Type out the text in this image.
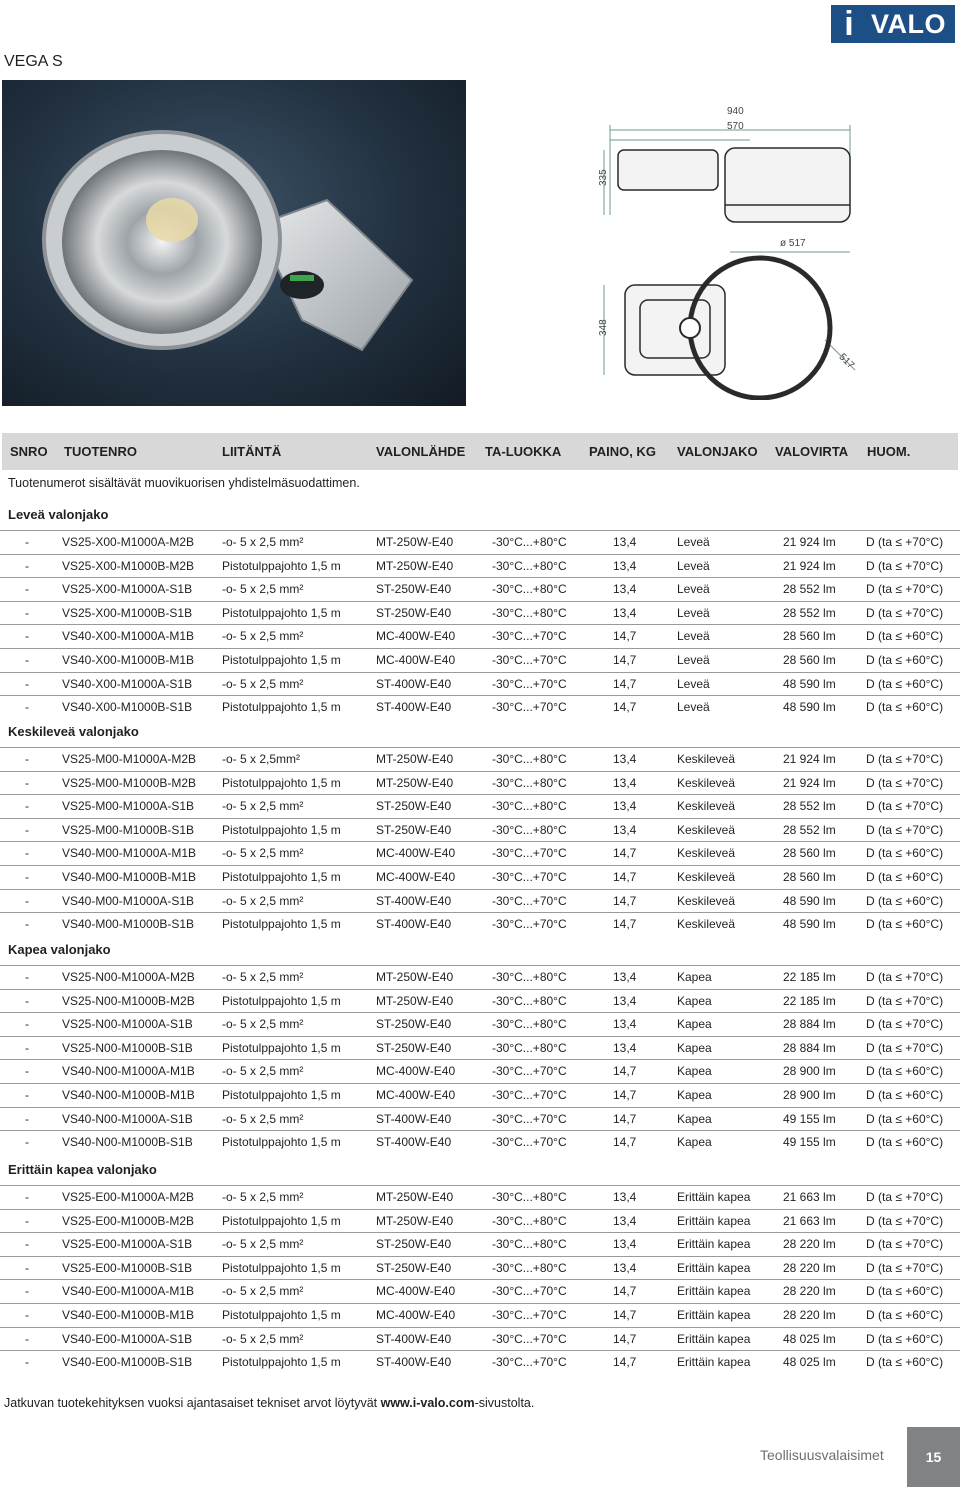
i VALO
VEGA S
940
570
335
ø 517
348
517
SNRO TUOTENRO	LIITÄNTÄ	VALONLÄHDE TA-LUOKKA PAINO, KG VALONJAKO VALOVIRTA HUOM.
Tuotenumerot sisältävät muovikuorisen yhdistelmäsuodattimen.
Leveä valonjako
-	VS25-X00-M1000A-M2B -o- 5 x 2,5 mm²	MT-250W-E40	-30°C...+80°C	13,4	Leveä	21 924 lm	D (ta ≤ +70°C)
-	VS25-X00-M1000B-M2B Pistotulppajohto 1,5 m	MT-250W-E40	-30°C...+80°C	13,4	Leveä	21 924 lm	D (ta ≤ +70°C)
-	VS25-X00-M1000A-S1B -o- 5 x 2,5 mm²	ST-250W-E40	-30°C...+80°C	13,4	Leveä	28 552 lm	D (ta ≤ +70°C)
-	VS25-X00-M1000B-S1B Pistotulppajohto 1,5 m	ST-250W-E40	-30°C...+80°C	13,4	Leveä	28 552 lm	D (ta ≤ +70°C)
-	VS40-X00-M1000A-M1B -o- 5 x 2,5 mm²	MC-400W-E40	-30°C...+70°C	14,7	Leveä	28 560 lm	D (ta ≤ +60°C)
-	VS40-X00-M1000B-M1B Pistotulppajohto 1,5 m	MC-400W-E40	-30°C...+70°C	14,7	Leveä	28 560 lm	D (ta ≤ +60°C)
-	VS40-X00-M1000A-S1B -o- 5 x 2,5 mm²	ST-400W-E40	-30°C...+70°C	14,7	Leveä	48 590 lm	D (ta ≤ +60°C)
-	VS40-X00-M1000B-S1B Pistotulppajohto 1,5 m	ST-400W-E40	-30°C...+70°C	14,7	Leveä	48 590 lm	D (ta ≤ +60°C)
Keskileveä valonjako
-	VS25-M00-M1000A-M2B -o- 5 x 2,5mm²	MT-250W-E40	-30°C...+80°C	13,4	Keskileveä	21 924 lm	D (ta ≤ +70°C)
-	VS25-M00-M1000B-M2B Pistotulppajohto 1,5 m	MT-250W-E40	-30°C...+80°C	13,4	Keskileveä	21 924 lm	D (ta ≤ +70°C)
-	VS25-M00-M1000A-S1B -o- 5 x 2,5 mm²	ST-250W-E40	-30°C...+80°C	13,4	Keskileveä	28 552 lm	D (ta ≤ +70°C)
-	VS25-M00-M1000B-S1B Pistotulppajohto 1,5 m	ST-250W-E40	-30°C...+80°C	13,4	Keskileveä	28 552 lm	D (ta ≤ +70°C)
-	VS40-M00-M1000A-M1B -o- 5 x 2,5 mm²	MC-400W-E40	-30°C...+70°C	14,7	Keskileveä	28 560 lm	D (ta ≤ +60°C)
-	VS40-M00-M1000B-M1B Pistotulppajohto 1,5 m	MC-400W-E40	-30°C...+70°C	14,7	Keskileveä	28 560 lm	D (ta ≤ +60°C)
-	VS40-M00-M1000A-S1B -o- 5 x 2,5 mm²	ST-400W-E40	-30°C...+70°C	14,7	Keskileveä	48 590 lm	D (ta ≤ +60°C)
-	VS40-M00-M1000B-S1B Pistotulppajohto 1,5 m	ST-400W-E40	-30°C...+70°C	14,7	Keskileveä	48 590 lm	D (ta ≤ +60°C)
Kapea valonjako
-	VS25-N00-M1000A-M2B -o- 5 x 2,5 mm²	MT-250W-E40	-30°C...+80°C	13,4	Kapea	22 185 lm	D (ta ≤ +70°C)
-	VS25-N00-M1000B-M2B Pistotulppajohto 1,5 m	MT-250W-E40	-30°C...+80°C	13,4	Kapea	22 185 lm	D (ta ≤ +70°C)
-	VS25-N00-M1000A-S1B -o- 5 x 2,5 mm²	ST-250W-E40	-30°C...+80°C	13,4	Kapea	28 884 lm	D (ta ≤ +70°C)
-	VS25-N00-M1000B-S1B Pistotulppajohto 1,5 m	ST-250W-E40	-30°C...+80°C	13,4	Kapea	28 884 lm	D (ta ≤ +70°C)
-	VS40-N00-M1000A-M1B -o- 5 x 2,5 mm²	MC-400W-E40	-30°C...+70°C	14,7	Kapea	28 900 lm	D (ta ≤ +60°C)
-	VS40-N00-M1000B-M1B Pistotulppajohto 1,5 m	MC-400W-E40	-30°C...+70°C	14,7	Kapea	28 900 lm	D (ta ≤ +60°C)
-	VS40-N00-M1000A-S1B -o- 5 x 2,5 mm²	ST-400W-E40	-30°C...+70°C	14,7	Kapea	49 155 lm	D (ta ≤ +60°C)
-	VS40-N00-M1000B-S1B Pistotulppajohto 1,5 m	ST-400W-E40	-30°C...+70°C	14,7	Kapea	49 155 lm	D (ta ≤ +60°C)
Erittäin kapea valonjako
-	VS25-E00-M1000A-M2B -o- 5 x 2,5 mm²	MT-250W-E40	-30°C...+80°C	13,4	Erittäin kapea	21 663 lm	D (ta ≤ +70°C)
-	VS25-E00-M1000B-M2B Pistotulppajohto 1,5 m	MT-250W-E40	-30°C...+80°C	13,4	Erittäin kapea	21 663 lm	D (ta ≤ +70°C)
-	VS25-E00-M1000A-S1B -o- 5 x 2,5 mm²	ST-250W-E40	-30°C...+80°C	13,4	Erittäin kapea	28 220 lm	D (ta ≤ +70°C)
-	VS25-E00-M1000B-S1B Pistotulppajohto 1,5 m	ST-250W-E40	-30°C...+80°C	13,4	Erittäin kapea	28 220 lm	D (ta ≤ +70°C)
-	VS40-E00-M1000A-M1B -o- 5 x 2,5 mm²	MC-400W-E40	-30°C...+70°C	14,7	Erittäin kapea	28 220 lm	D (ta ≤ +60°C)
-	VS40-E00-M1000B-M1B Pistotulppajohto 1,5 m	MC-400W-E40	-30°C...+70°C	14,7	Erittäin kapea	28 220 lm	D (ta ≤ +60°C)
-	VS40-E00-M1000A-S1B -o- 5 x 2,5 mm²	ST-400W-E40	-30°C...+70°C	14,7	Erittäin kapea	48 025 lm	D (ta ≤ +60°C)
-	VS40-E00-M1000B-S1B Pistotulppajohto 1,5 m	ST-400W-E40	-30°C...+70°C	14,7	Erittäin kapea	48 025 lm	D (ta ≤ +60°C)
Jatkuvan tuotekehityksen vuoksi ajantasaiset tekniset arvot löytyvät www.i-valo.com-sivustolta.
Teollisuusvalaisimet	15
